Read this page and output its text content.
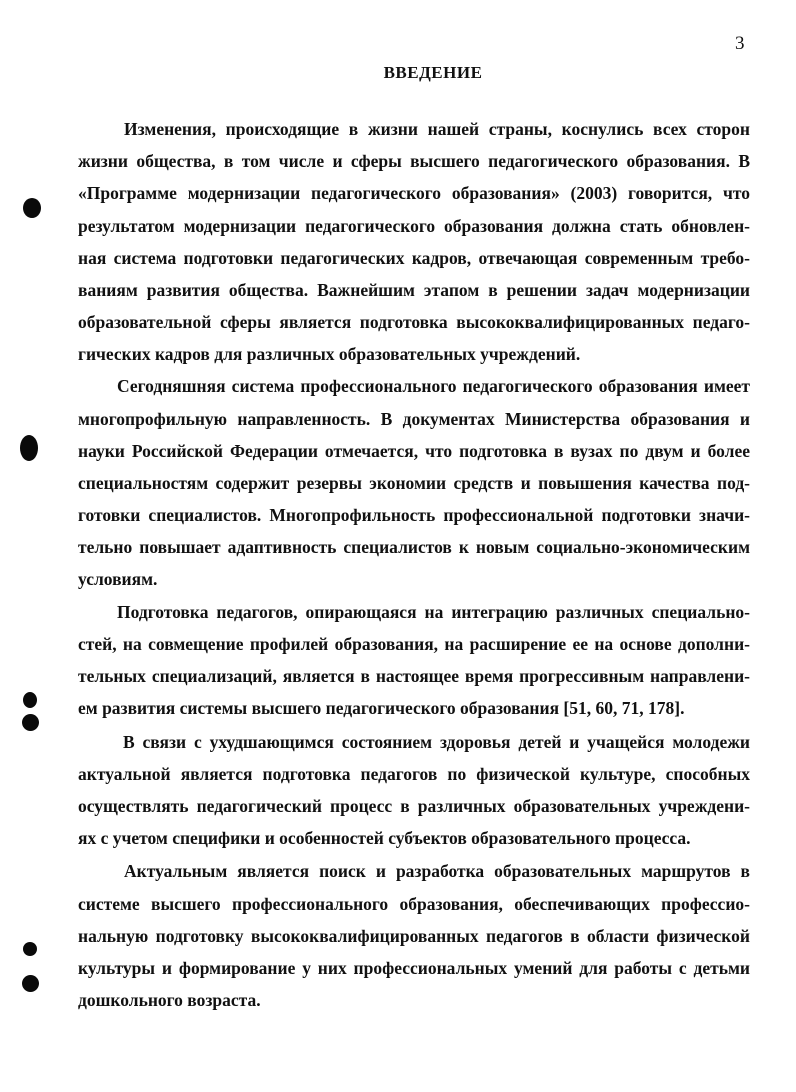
3
ВВЕДЕНИЕ
Изменения, происходящие в жизни нашей страны, коснулись всех сторон
жизни общества, в том числе и сферы высшего педагогического образования. В
«Программе модернизации педагогического образования» (2003) говорится, что
результатом модернизации педагогического образования должна стать обновлен-
ная система подготовки педагогических кадров, отвечающая современным требо-
ваниям развития общества. Важнейшим этапом в решении задач модернизации
образовательной сферы является подготовка высококвалифицированных педаго-
гических кадров для различных образовательных учреждений.
Сегодняшняя система профессионального педагогического образования имеет
многопрофильную направленность. В документах Министерства образования и
науки Российской Федерации отмечается, что подготовка в вузах по двум и более
специальностям содержит резервы экономии средств и повышения качества под-
готовки специалистов. Многопрофильность профессиональной подготовки значи-
тельно повышает адаптивность специалистов к новым социально-экономическим
условиям.
Подготовка педагогов, опирающаяся на интеграцию различных специально-
стей, на совмещение профилей образования, на расширение ее на основе дополни-
тельных специализаций, является в настоящее время прогрессивным направлени-
ем развития системы высшего педагогического образования [51, 60, 71, 178].
В связи с ухудшающимся состоянием здоровья детей и учащейся молодежи
актуальной является подготовка педагогов по физической культуре, способных
осуществлять педагогический процесс в различных образовательных учреждени-
ях с учетом специфики и особенностей субъектов образовательного процесса.
Актуальным является поиск и разработка образовательных маршрутов в
системе высшего профессионального образования, обеспечивающих профессио-
нальную подготовку высококвалифицированных педагогов в области физической
культуры и формирование у них профессиональных умений для работы с детьми
дошкольного возраста.
